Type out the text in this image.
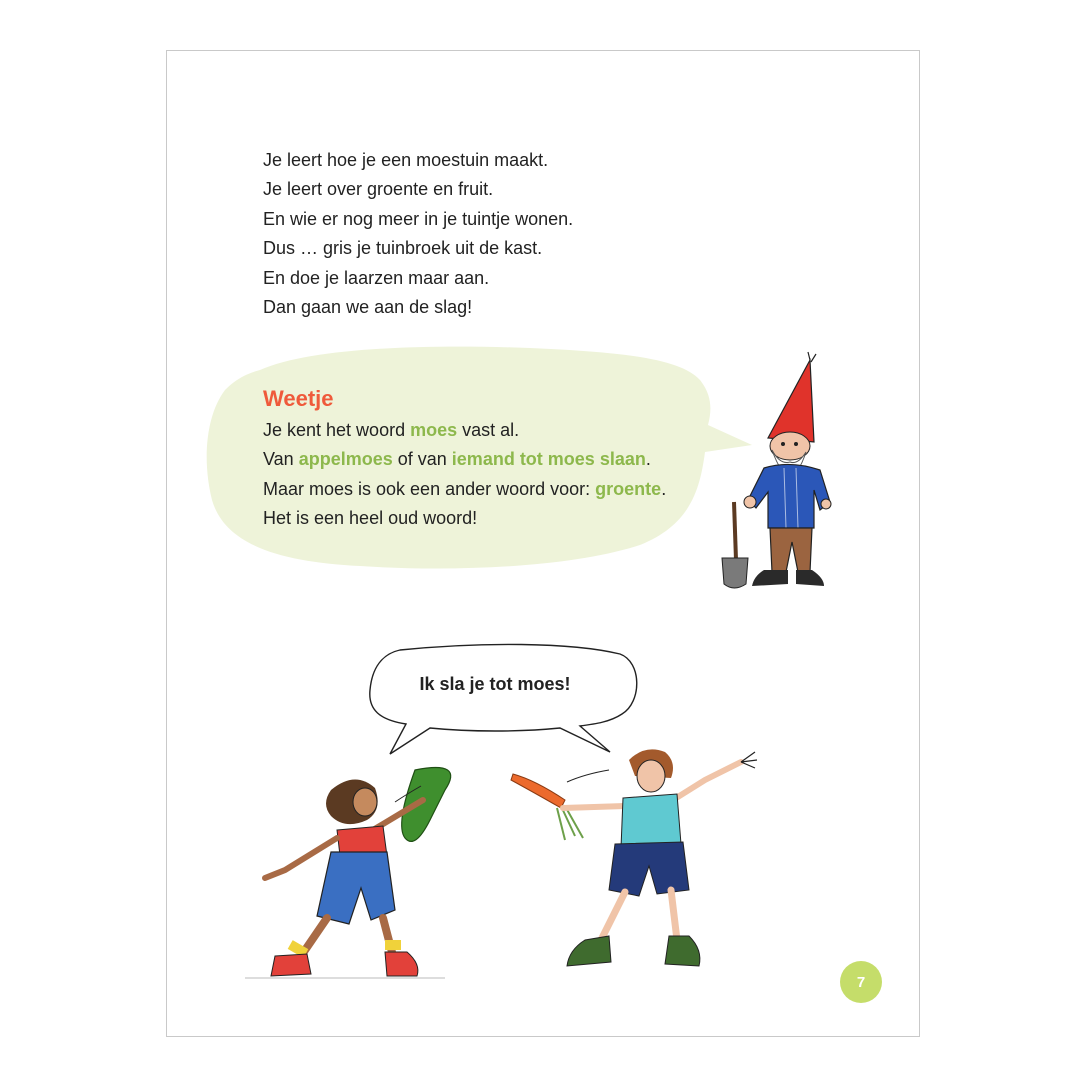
Je leert hoe je een moestuin maakt.
Je leert over groente en fruit.
En wie er nog meer in je tuintje wonen.
Dus … gris je tuinbroek uit de kast.
En doe je laarzen maar aan.
Dan gaan we aan de slag!
Weetje
Je kent het woord moes vast al.
Van appelmoes of van iemand tot moes slaan.
Maar moes is ook een ander woord voor: groente.
Het is een heel oud woord!
Ik sla je tot moes!
7
